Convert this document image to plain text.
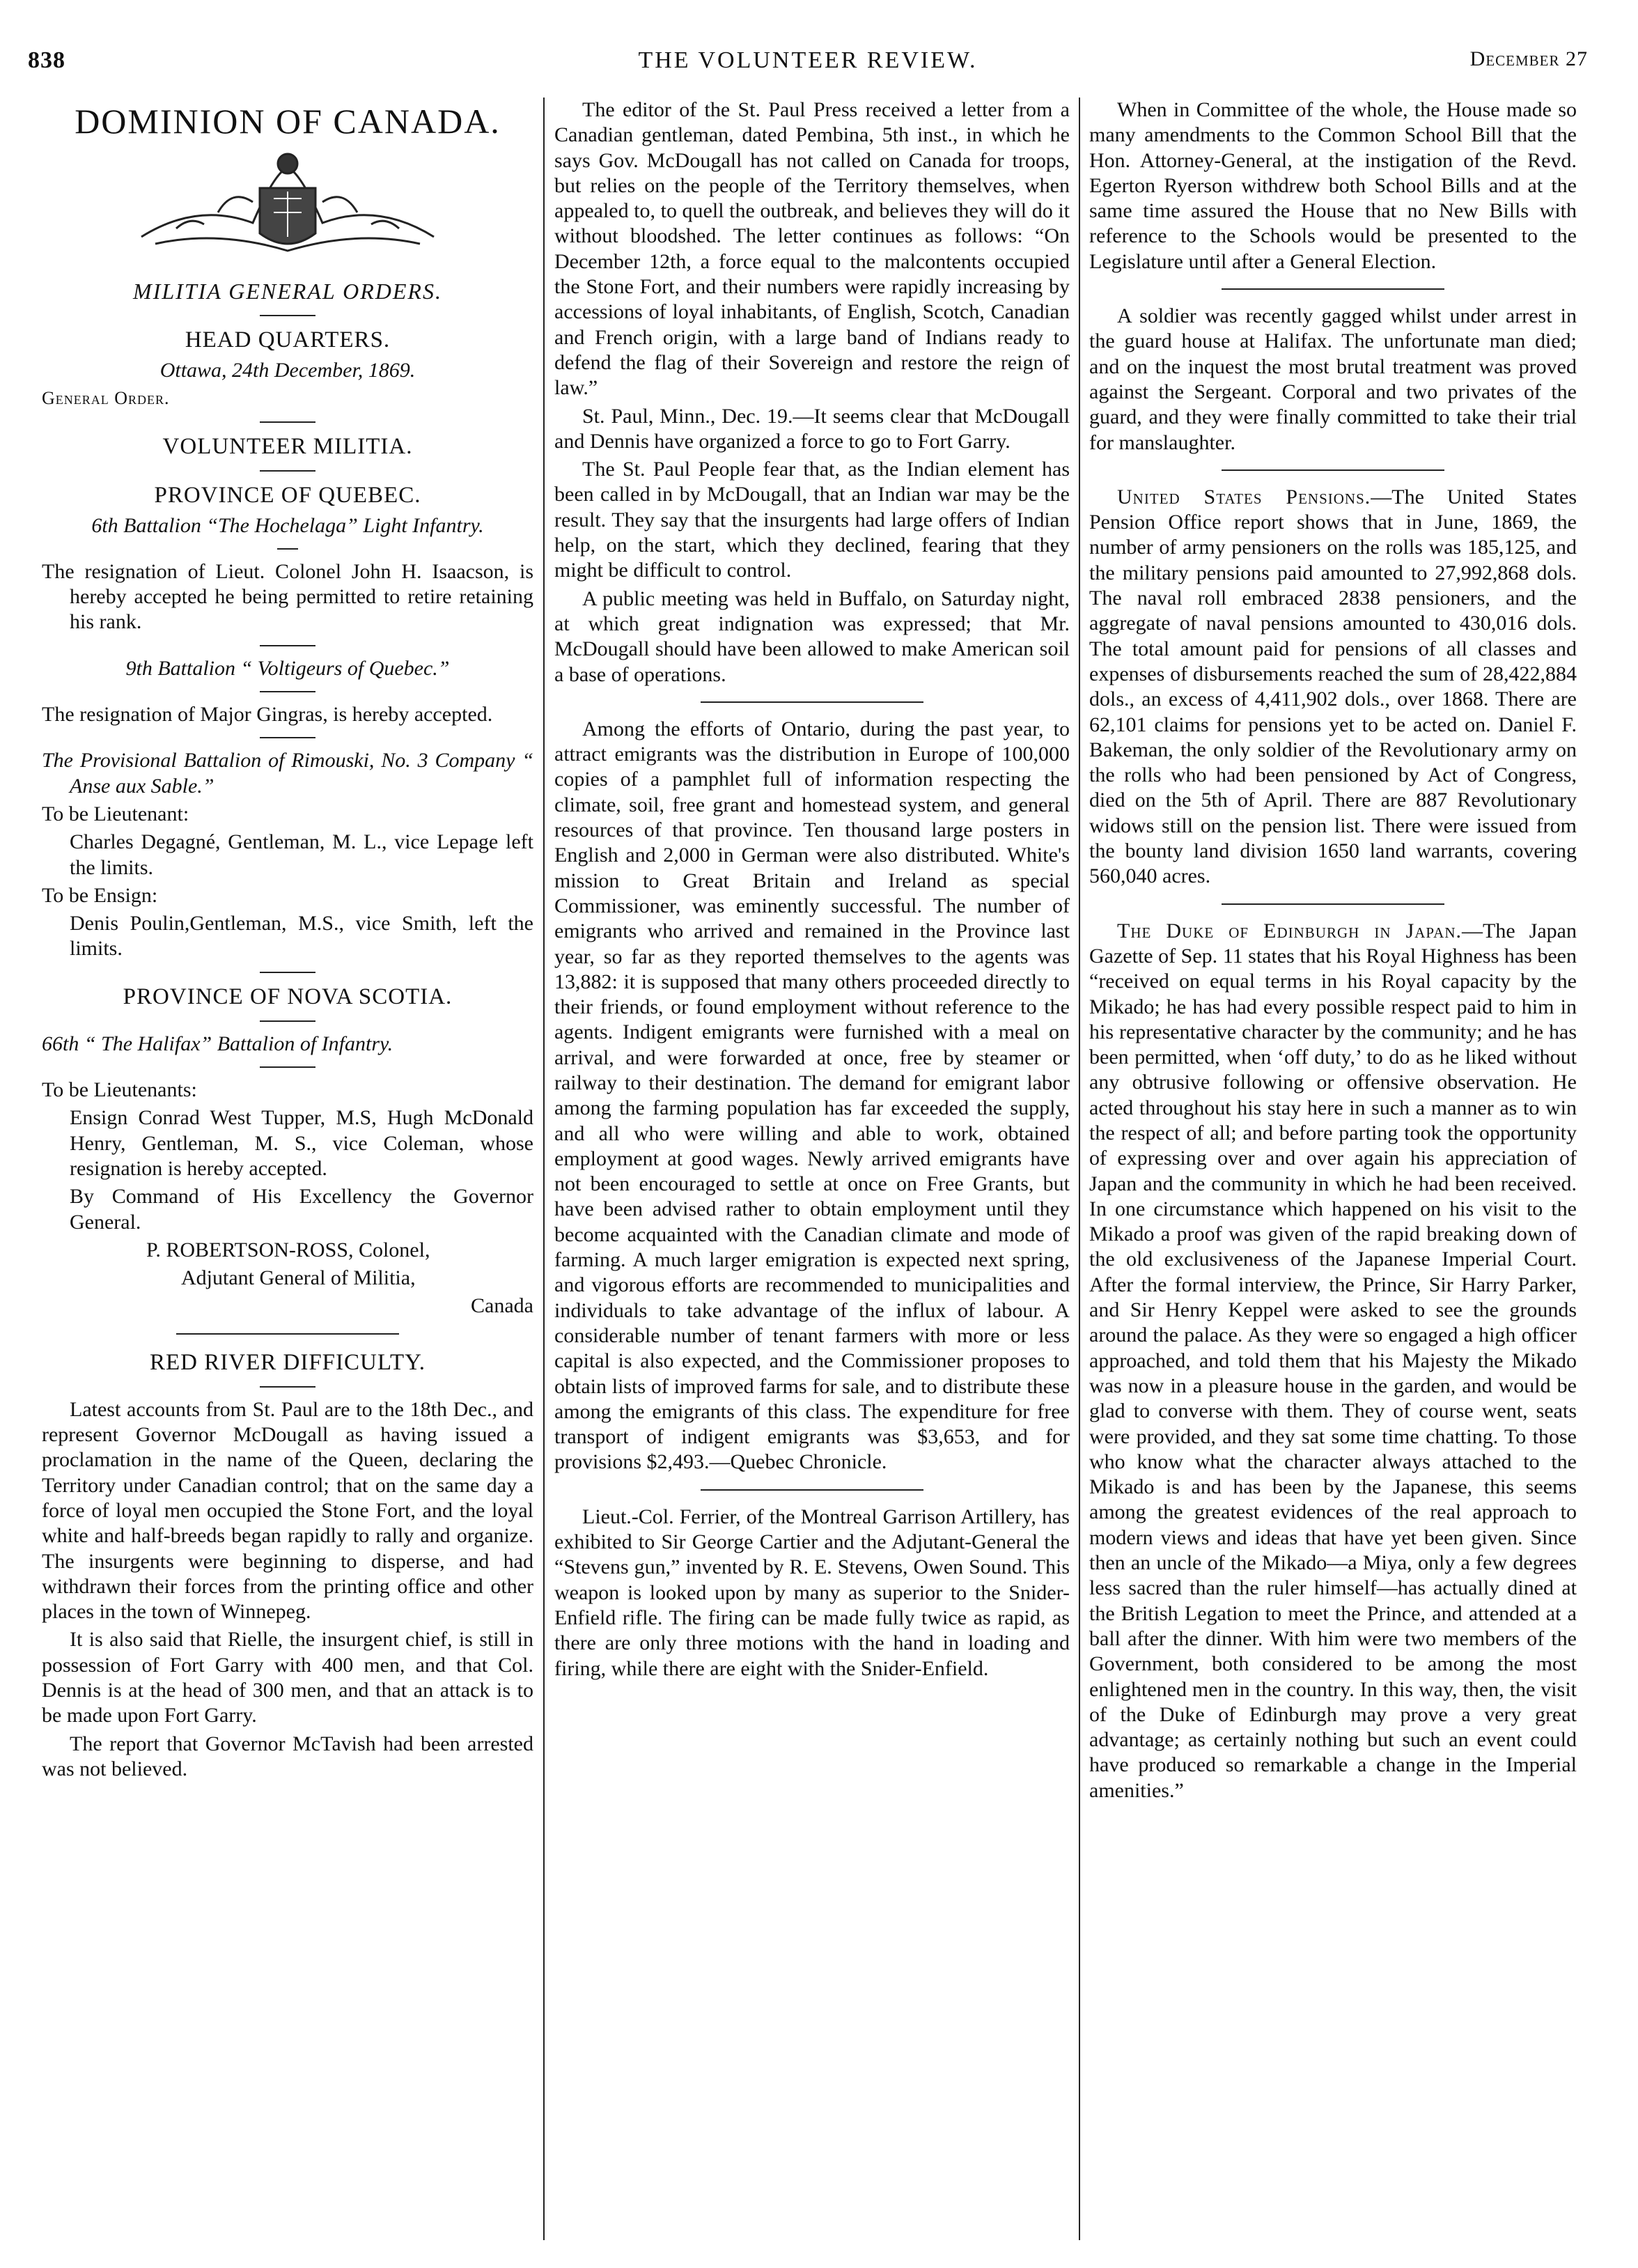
838	THE VOLUNTEER REVIEW.	December 27
DOMINION OF CANADA.
MILITIA GENERAL ORDERS.
HEAD QUARTERS.

Ottawa, 24th December, 1869.

General Order.

VOLUNTEER MILITIA.
PROVINCE OF QUEBEC.

6th Battalion “The Hochelaga” Light Infantry.

The resignation of Lieut. Colonel John H. Isaacson, is hereby accepted he being permitted to retire retaining his rank.

9th Battalion “ Voltigeurs of Quebec.”

The resignation of Major Gingras, is hereby accepted.

The Provisional Battalion of Rimouski, No. 3 Company “ Anse aux Sable.”

To be Lieutenant:

Charles Degagné, Gentleman, M. L., vice Lepage left the limits.

To be Ensign:

Denis Poulin,Gentleman, M.S., vice Smith, left the limits.

PROVINCE OF NOVA SCOTIA.

66th “ The Halifax” Battalion of Infantry.

To be Lieutenants:

Ensign Conrad West Tupper, M.S, Hugh McDonald Henry, Gentleman, M. S., vice Coleman, whose resignation is hereby accepted.

By Command of His Excellency the Governor General.

P. ROBERTSON-ROSS, Colonel,

Adjutant General of Militia,

Canada

RED RIVER DIFFICULTY.

Latest accounts from St. Paul are to the 18th Dec., and represent Governor McDougall as having issued a proclamation in the name of the Queen, declaring the Territory under Canadian control; that on the same day a force of loyal men occupied the Stone Fort, and the loyal white and half-breeds began rapidly to rally and organize. The insurgents were beginning to disperse, and had withdrawn their forces from the printing office and other places in the town of Winnepeg.

It is also said that Rielle, the insurgent chief, is still in possession of Fort Garry with 400 men, and that Col. Dennis is at the head of 300 men, and that an attack is to be made upon Fort Garry.

The report that Governor McTavish had been arrested was not believed.

The editor of the St. Paul Press received a letter from a Canadian gentleman, dated Pembina, 5th inst., in which he says Gov. McDougall has not called on Canada for troops, but relies on the people of the Territory themselves, when appealed to, to quell the outbreak, and believes they will do it without bloodshed. The letter continues as follows: “On December 12th, a force equal to the malcontents occupied the Stone Fort, and their numbers were rapidly increasing by accessions of loyal inhabitants, of English, Scotch, Canadian and French origin, with a large band of Indians ready to defend the flag of their Sovereign and restore the reign of law.”

St. Paul, Minn., Dec. 19.—It seems clear that McDougall and Dennis have organized a force to go to Fort Garry.

The St. Paul People fear that, as the Indian element has been called in by McDougall, that an Indian war may be the result. They say that the insurgents had large offers of Indian help, on the start, which they declined, fearing that they might be difficult to control.

A public meeting was held in Buffalo, on Saturday night, at which great indignation was expressed; that Mr. McDougall should have been allowed to make American soil a base of operations.

Among the efforts of Ontario, during the past year, to attract emigrants was the distribution in Europe of 100,000 copies of a pamphlet full of information respecting the climate, soil, free grant and homestead system, and general resources of that province. Ten thousand large posters in English and 2,000 in German were also distributed. White's mission to Great Britain and Ireland as special Commissioner, was eminently successful. The number of emigrants who arrived and remained in the Province last year, so far as they reported themselves to the agents was 13,882: it is supposed that many others proceeded directly to their friends, or found employment without reference to the agents. Indigent emigrants were furnished with a meal on arrival, and were forwarded at once, free by steamer or railway to their destination. The demand for emigrant labor among the farming population has far exceeded the supply, and all who were willing and able to work, obtained employment at good wages. Newly arrived emigrants have not been encouraged to settle at once on Free Grants, but have been advised rather to obtain employment until they become acquainted with the Canadian climate and mode of farming. A much larger emigration is expected next spring, and vigorous efforts are recommended to municipalities and individuals to take advantage of the influx of labour. A considerable number of tenant farmers with more or less capital is also expected, and the Commissioner proposes to obtain lists of improved farms for sale, and to distribute these among the emigrants of this class. The expenditure for free transport of indigent emigrants was $3,653, and for provisions $2,493.—Quebec Chronicle.

Lieut.-Col. Ferrier, of the Montreal Garrison Artillery, has exhibited to Sir George Cartier and the Adjutant-General the “Stevens gun,” invented by R. E. Stevens, Owen Sound. This weapon is looked upon by many as superior to the Snider-Enfield rifle. The firing can be made fully twice as rapid, as there are only three motions with the hand in loading and firing, while there are eight with the Snider-Enfield.

When in Committee of the whole, the House made so many amendments to the Common School Bill that the Hon. Attorney-General, at the instigation of the Revd. Egerton Ryerson withdrew both School Bills and at the same time assured the House that no New Bills with reference to the Schools would be presented to the Legislature until after a General Election.

A soldier was recently gagged whilst under arrest in the guard house at Halifax. The unfortunate man died; and on the inquest the most brutal treatment was proved against the Sergeant. Corporal and two privates of the guard, and they were finally committed to take their trial for manslaughter.

United States Pensions.—The United States Pension Office report shows that in June, 1869, the number of army pensioners on the rolls was 185,125, and the military pensions paid amounted to 27,992,868 dols. The naval roll embraced 2838 pensioners, and the aggregate of naval pensions amounted to 430,016 dols. The total amount paid for pensions of all classes and expenses of disbursements reached the sum of 28,422,884 dols., an excess of 4,411,902 dols., over 1868. There are 62,101 claims for pensions yet to be acted on. Daniel F. Bakeman, the only soldier of the Revolutionary army on the rolls who had been pensioned by Act of Congress, died on the 5th of April. There are 887 Revolutionary widows still on the pension list. There were issued from the bounty land division 1650 land warrants, covering 560,040 acres.

The Duke of Edinburgh in Japan.—The Japan Gazette of Sep. 11 states that his Royal Highness has been “received on equal terms in his Royal capacity by the Mikado; he has had every possible respect paid to him in his representative character by the community; and he has been permitted, when ‘off duty,’ to do as he liked without any obtrusive following or offensive observation. He acted throughout his stay here in such a manner as to win the respect of all; and before parting took the opportunity of expressing over and over again his appreciation of Japan and the community in which he had been received. In one circumstance which happened on his visit to the Mikado a proof was given of the rapid breaking down of the old exclusiveness of the Japanese Imperial Court. After the formal interview, the Prince, Sir Harry Parker, and Sir Henry Keppel were asked to see the grounds around the palace. As they were so engaged a high officer approached, and told them that his Majesty the Mikado was now in a pleasure house in the garden, and would be glad to converse with them. They of course went, seats were provided, and they sat some time chatting. To those who know what the character always attached to the Mikado is and has been by the Japanese, this seems among the greatest evidences of the real approach to modern views and ideas that have yet been given. Since then an uncle of the Mikado—a Miya, only a few degrees less sacred than the ruler himself—has actually dined at the British Legation to meet the Prince, and attended at a ball after the dinner. With him were two members of the Government, both considered to be among the most enlightened men in the country. In this way, then, the visit of the Duke of Edinburgh may prove a very great advantage; as certainly nothing but such an event could have produced so remarkable a change in the Imperial amenities.”
